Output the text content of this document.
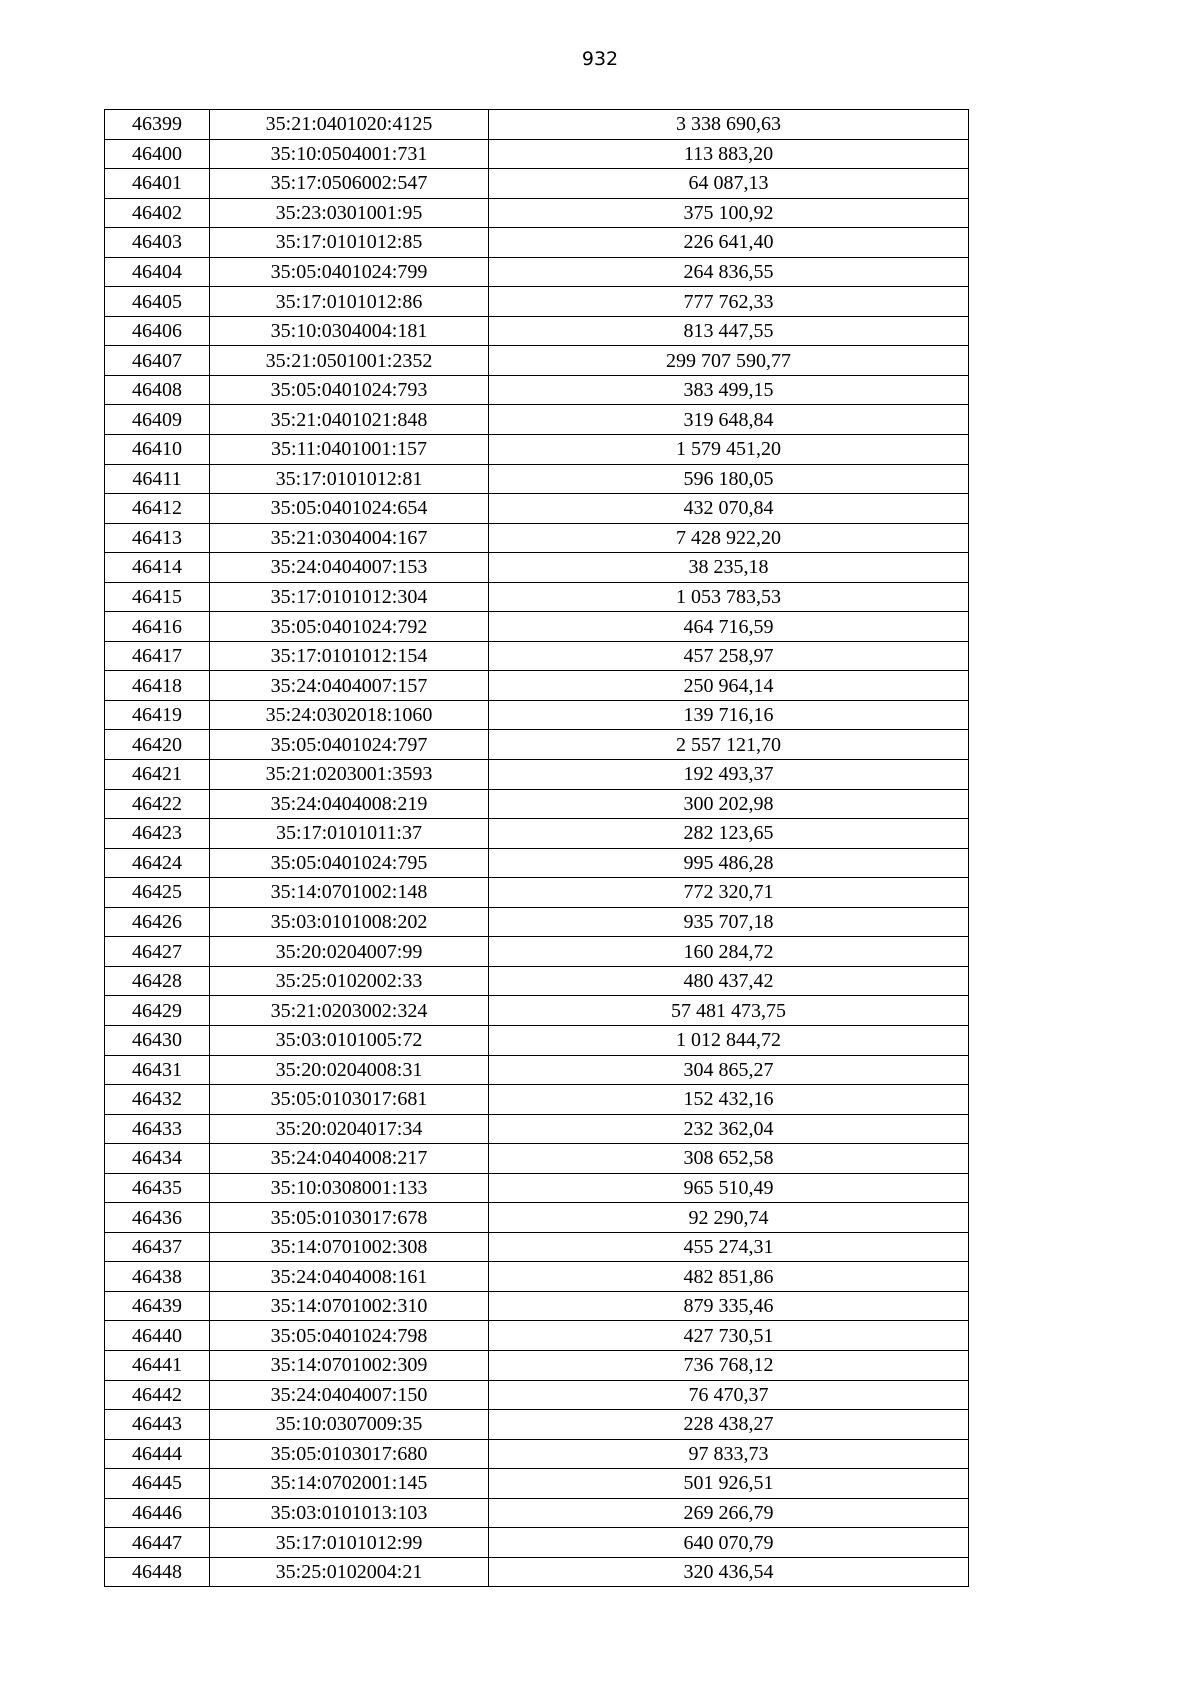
932
46399	35:21:0401020:4125	3 338 690,63
46400	35:10:0504001:731	113 883,20
46401	35:17:0506002:547	64 087,13
46402	35:23:0301001:95	375 100,92
46403	35:17:0101012:85	226 641,40
46404	35:05:0401024:799	264 836,55
46405	35:17:0101012:86	777 762,33
46406	35:10:0304004:181	813 447,55
46407	35:21:0501001:2352	299 707 590,77
46408	35:05:0401024:793	383 499,15
46409	35:21:0401021:848	319 648,84
46410	35:11:0401001:157	1 579 451,20
46411	35:17:0101012:81	596 180,05
46412	35:05:0401024:654	432 070,84
46413	35:21:0304004:167	7 428 922,20
46414	35:24:0404007:153	38 235,18
46415	35:17:0101012:304	1 053 783,53
46416	35:05:0401024:792	464 716,59
46417	35:17:0101012:154	457 258,97
46418	35:24:0404007:157	250 964,14
46419	35:24:0302018:1060	139 716,16
46420	35:05:0401024:797	2 557 121,70
46421	35:21:0203001:3593	192 493,37
46422	35:24:0404008:219	300 202,98
46423	35:17:0101011:37	282 123,65
46424	35:05:0401024:795	995 486,28
46425	35:14:0701002:148	772 320,71
46426	35:03:0101008:202	935 707,18
46427	35:20:0204007:99	160 284,72
46428	35:25:0102002:33	480 437,42
46429	35:21:0203002:324	57 481 473,75
46430	35:03:0101005:72	1 012 844,72
46431	35:20:0204008:31	304 865,27
46432	35:05:0103017:681	152 432,16
46433	35:20:0204017:34	232 362,04
46434	35:24:0404008:217	308 652,58
46435	35:10:0308001:133	965 510,49
46436	35:05:0103017:678	92 290,74
46437	35:14:0701002:308	455 274,31
46438	35:24:0404008:161	482 851,86
46439	35:14:0701002:310	879 335,46
46440	35:05:0401024:798	427 730,51
46441	35:14:0701002:309	736 768,12
46442	35:24:0404007:150	76 470,37
46443	35:10:0307009:35	228 438,27
46444	35:05:0103017:680	97 833,73
46445	35:14:0702001:145	501 926,51
46446	35:03:0101013:103	269 266,79
46447	35:17:0101012:99	640 070,79
46448	35:25:0102004:21	320 436,54
